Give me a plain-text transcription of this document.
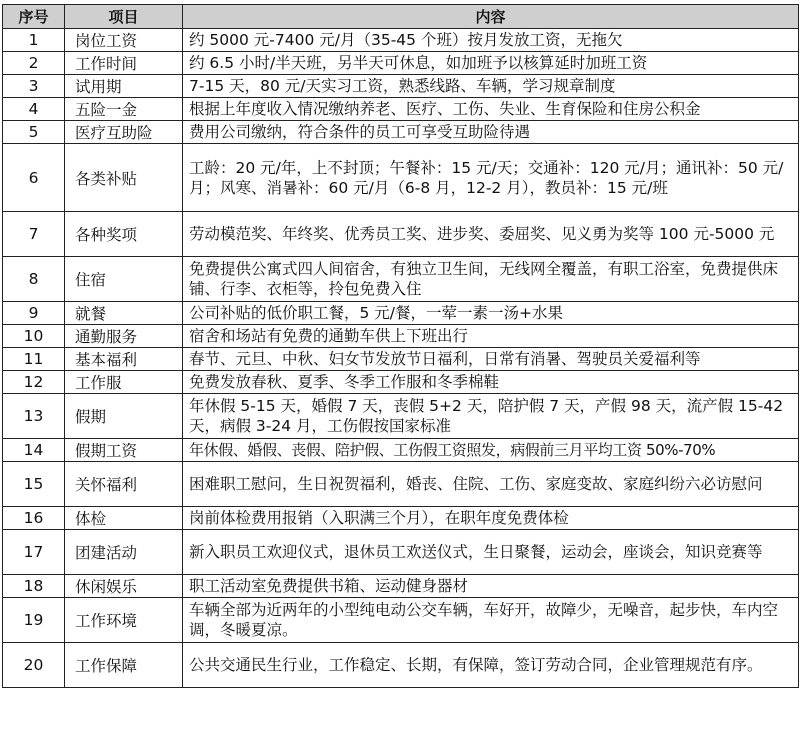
序号	项目	内容
1	岗位工资	约 5000 元-7400 元/月（35-45 个班）按月发放工资，无拖欠
2	工作时间	约 6.5 小时/半天班，另半天可休息，如加班予以核算延时加班工资
3	试用期	7-15 天，80 元/天实习工资，熟悉线路、车辆，学习规章制度
4	五险一金	根据上年度收入情况缴纳养老、医疗、工伤、失业、生育保险和住房公积金
5	医疗互助险	费用公司缴纳，符合条件的员工可享受互助险待遇
6	各类补贴	工龄：20 元/年，上不封顶；午餐补：15 元/天；交通补：120 元/月；通讯补：50 元/月；风寒、消暑补：60 元/月（6-8 月，12-2 月），教员补：15 元/班
7	各种奖项	劳动模范奖、年终奖、优秀员工奖、进步奖、委屈奖、见义勇为奖等 100 元-5000 元
8	住宿	免费提供公寓式四人间宿舍，有独立卫生间，无线网全覆盖，有职工浴室，免费提供床铺、行李、衣柜等，拎包免费入住
9	就餐	公司补贴的低价职工餐，5 元/餐，一荤一素一汤+水果
10	通勤服务	宿舍和场站有免费的通勤车供上下班出行
11	基本福利	春节、元旦、中秋、妇女节发放节日福利，日常有消暑、驾驶员关爱福利等
12	工作服	免费发放春秋、夏季、冬季工作服和冬季棉鞋
13	假期	年休假 5-15 天，婚假 7 天，丧假 5+2 天，陪护假 7 天，产假 98 天，流产假 15-42 天，病假 3-24 月，工伤假按国家标准
14	假期工资	年休假、婚假、丧假、陪护假、工伤假工资照发，病假前三月平均工资 50%-70%
15	关怀福利	困难职工慰问，生日祝贺福利，婚丧、住院、工伤、家庭变故、家庭纠纷六必访慰问
16	体检	岗前体检费用报销（入职满三个月），在职年度免费体检
17	团建活动	新入职员工欢迎仪式，退休员工欢送仪式，生日聚餐，运动会，座谈会，知识竞赛等
18	休闲娱乐	职工活动室免费提供书箱、运动健身器材
19	工作环境	车辆全部为近两年的小型纯电动公交车辆，车好开，故障少，无噪音，起步快，车内空调，冬暖夏凉。
20	工作保障	公共交通民生行业，工作稳定、长期，有保障，签订劳动合同，企业管理规范有序。
